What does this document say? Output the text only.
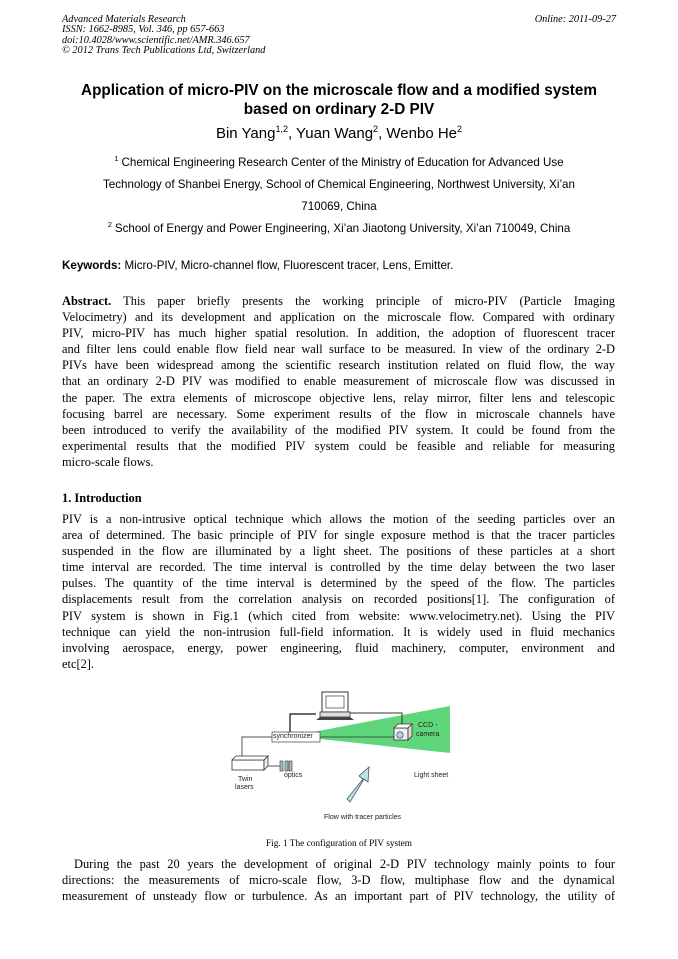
Advanced Materials Research
ISSN: 1662-8985, Vol. 346, pp 657-663
doi:10.4028/www.scientific.net/AMR.346.657
© 2012 Trans Tech Publications Ltd, Switzerland
Online: 2011-09-27
Application of micro-PIV on the microscale flow and a modified system
based on ordinary 2-D PIV
Bin Yang$^{1,2}$, Yuan Wang$^2$, Wenbo He$^2$
$^1$ Chemical Engineering Research Center of the Ministry of Education for Advanced Use
Technology of Shanbei Energy, School of Chemical Engineering, Northwest University, Xi’an
710069, China
$^2$ School of Energy and Power Engineering, Xi’an Jiaotong University, Xi’an 710049, China
Keywords: Micro-PIV, Micro-channel flow, Fluorescent tracer, Lens, Emitter.
Abstract. This paper briefly presents the working principle of micro-PIV (Particle Imaging
Velocimetry) and its development and application on the microscale flow. Compared with ordinary
PIV, micro-PIV has much higher spatial resolution. In addition, the adoption of fluorescent tracer
and filter lens could enable flow field near wall surface to be measured. In view of the ordinary 2-D
PIVs have been widespread among the scientific research institution related on fluid flow, the way
that an ordinary 2-D PIV was modified to enable measurement of microscale flow was discussed in
the paper. The extra elements of microscope objective lens, relay mirror, filter lens and telescopic
focusing barrel are necessary. Some experiment results of the flow in microscale channels have
been introduced to verify the availability of the modified PIV system. It could be found from the
experimental results that the modified PIV system could be feasible and reliable for measuring
micro-scale flows.
1. Introduction
PIV is a non-intrusive optical technique which allows the motion of the seeding particles over an
area of determined. The basic principle of PIV for single exposure method is that the tracer particles
suspended in the flow are illuminated by a light sheet. The positions of these particles at a short
time interval are recorded. The time interval is controlled by the time delay between the two laser
pulses. The quantity of the time interval is determined by the speed of the flow. The particles
displacements result from the correlation analysis on recorded positions[1]. The configuration of
PIV system is shown in Fig.1 (which cited from website: www.velocimetry.net). Using the PIV
technique can yield the non-intrusion full-field information. It is widely used in fluid mechanics
involving aerospace, energy, power engineering, fluid machinery, computer, environment and
etc[2].
synchronizer
CCD -
camera
Twin
lasers
optics	Light sheet
Flow with tracer particles
Fig. 1 The configuration of PIV system
During the past 20 years the development of original 2-D PIV technology mainly points to four
directions: the measurements of micro-scale flow, 3-D flow, multiphase flow and the dynamical
measurement of unsteady flow or turbulence. As an important part of PIV technology, the utility of
